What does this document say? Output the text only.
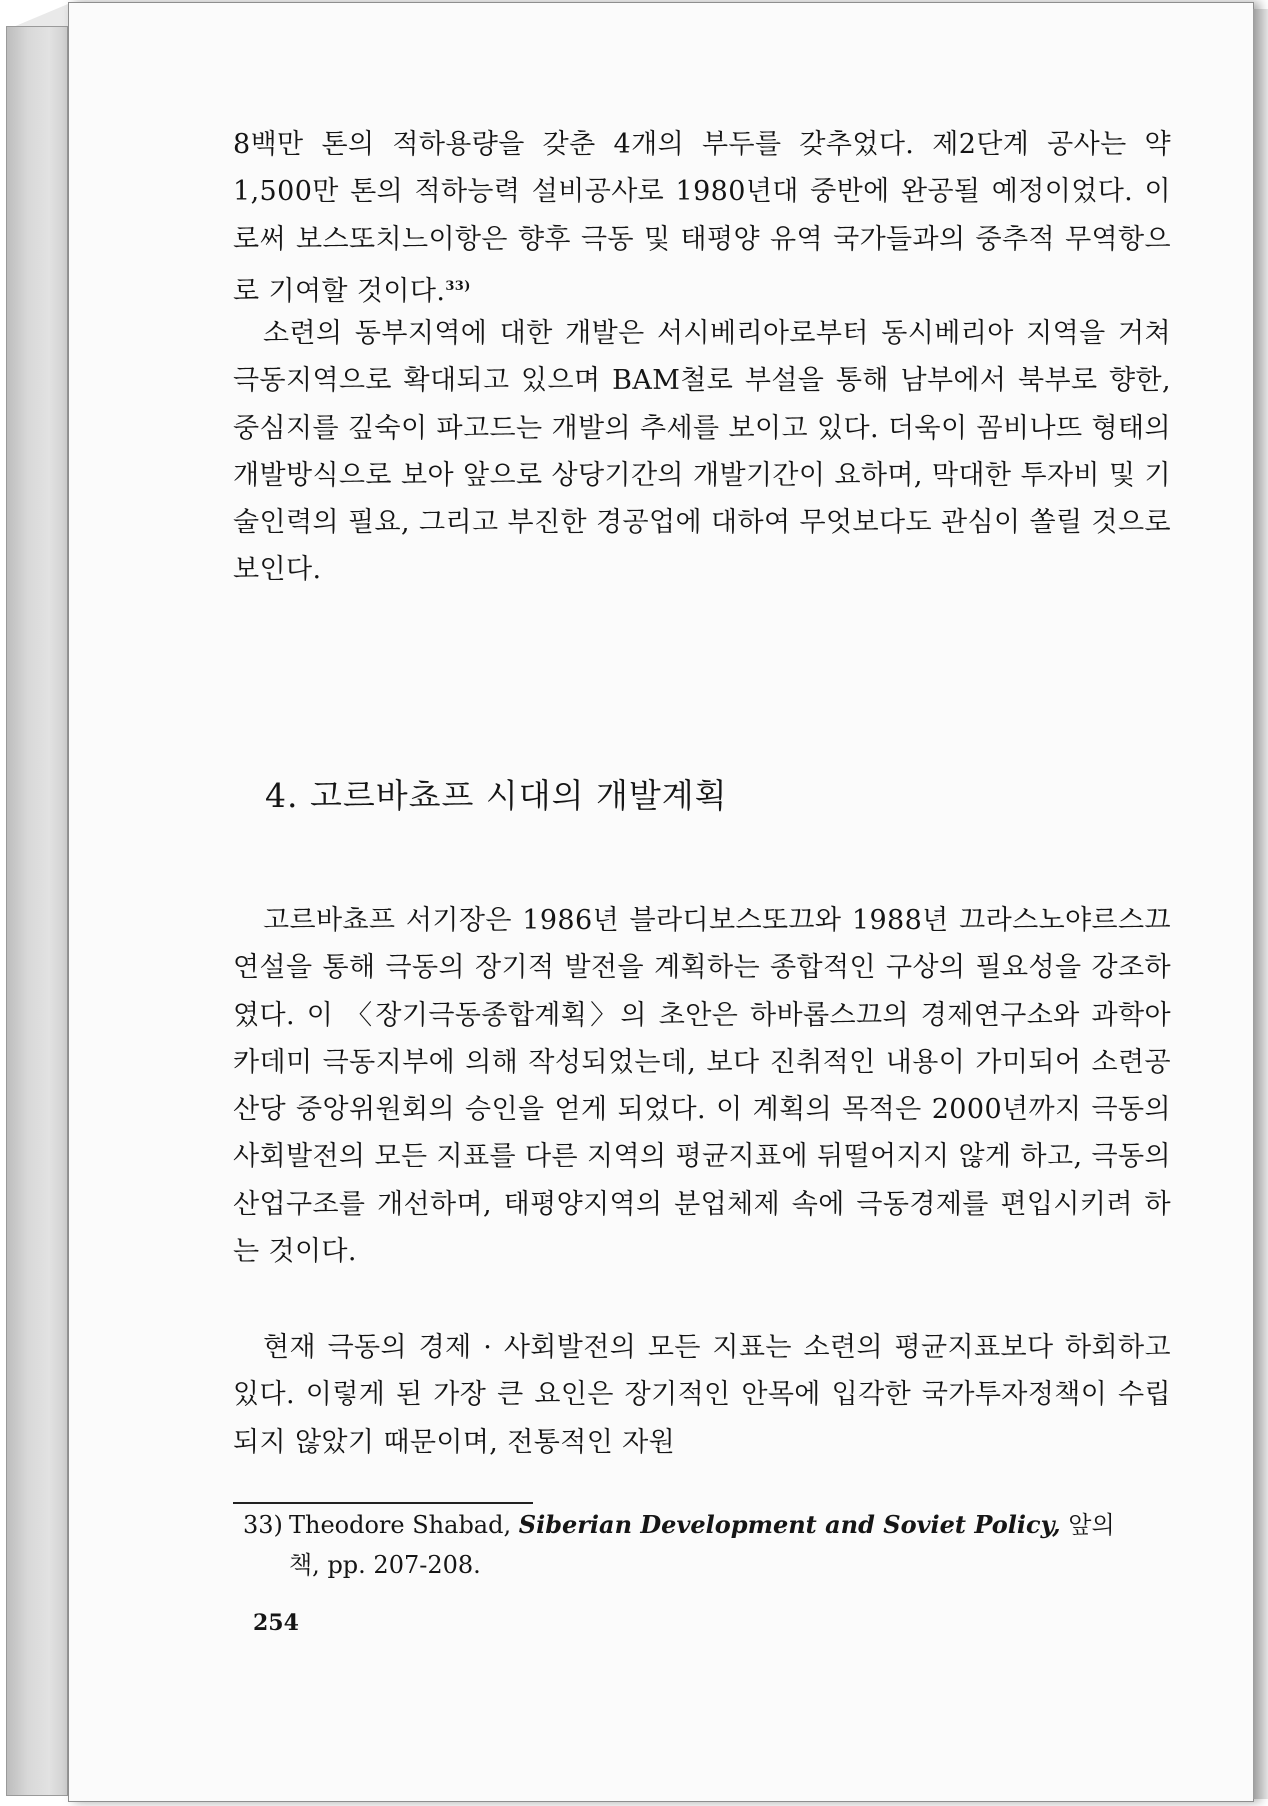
8백만 톤의 적하용량을 갖춘 4개의 부두를 갖추었다. 제2단계 공사는 약 1,500만 톤의 적하능력 설비공사로 1980년대 중반에 완공될 예정이었다. 이로써 보스또치느이항은 향후 극동 및 태평양 유역 국가들과의 중추적 무역항으로 기여할 것이다.$^{33)}$

소련의 동부지역에 대한 개발은 서시베리아로부터 동시베리아 지역을 거쳐 극동지역으로 확대되고 있으며 BAM철로 부설을 통해 남부에서 북부로 향한, 중심지를 깊숙이 파고드는 개발의 추세를 보이고 있다. 더욱이 꼼비나뜨 형태의 개발방식으로 보아 앞으로 상당기간의 개발기간이 요하며, 막대한 투자비 및 기술인력의 필요, 그리고 부진한 경공업에 대하여 무엇보다도 관심이 쏠릴 것으로 보인다.

4. 고르바쵸프 시대의 개발계획

고르바쵸프 서기장은 1986년 블라디보스또끄와 1988년 끄라스노야르스끄 연설을 통해 극동의 장기적 발전을 계획하는 종합적인 구상의 필요성을 강조하였다. 이 〈장기극동종합계획〉의 초안은 하바롭스끄의 경제연구소와 과학아카데미 극동지부에 의해 작성되었는데, 보다 진취적인 내용이 가미되어 소련공산당 중앙위원회의 승인을 얻게 되었다. 이 계획의 목적은 2000년까지 극동의 사회발전의 모든 지표를 다른 지역의 평균지표에 뒤떨어지지 않게 하고, 극동의 산업구조를 개선하며, 태평양지역의 분업체제 속에 극동경제를 편입시키려 하는 것이다.

현재 극동의 경제 · 사회발전의 모든 지표는 소련의 평균지표보다 하회하고 있다. 이렇게 된 가장 큰 요인은 장기적인 안목에 입각한 국가투자정책이 수립되지 않았기 때문이며, 전통적인 자원

33) Theodore Shabad, Siberian Development and Soviet Policy, 앞의
책, pp. 207-208.

254
